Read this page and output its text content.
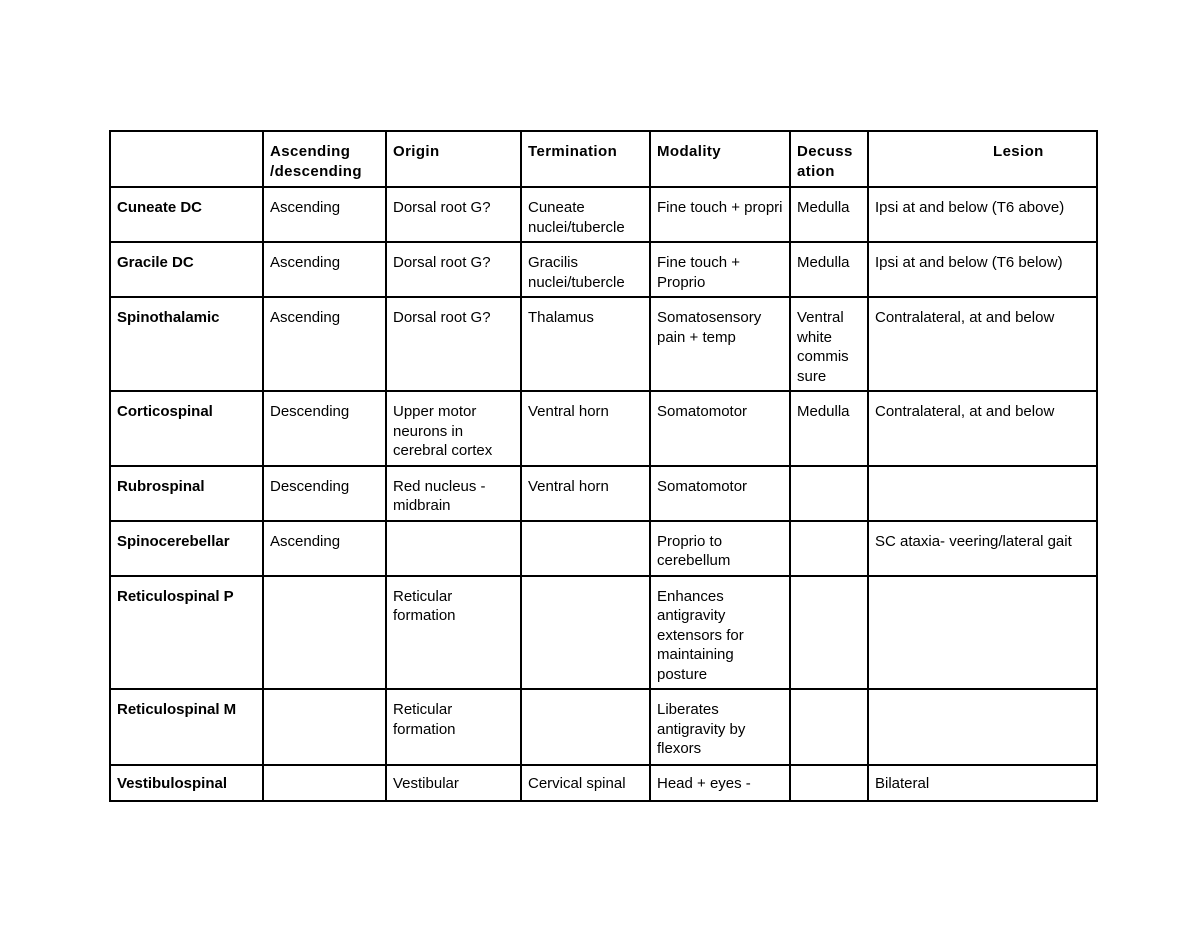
	Ascending /descending	Origin	Termination	Modality	Decuss ation	Lesion
Cuneate DC	Ascending	Dorsal root G?	Cuneate nuclei/tubercle	Fine touch + propri	Medulla	Ipsi at and below (T6 above)
Gracile DC	Ascending	Dorsal root G?	Gracilis nuclei/tubercle	Fine touch + Proprio	Medulla	Ipsi at and below (T6 below)
Spinothalamic	Ascending	Dorsal root G?	Thalamus	Somatosensory pain + temp	Ventral white commis sure	Contralateral, at and below
Corticospinal	Descending	Upper motor neurons in cerebral cortex	Ventral horn	Somatomotor	Medulla	Contralateral, at and below
Rubrospinal	Descending	Red nucleus -midbrain	Ventral horn	Somatomotor		
Spinocerebellar	Ascending			Proprio to cerebellum		SC ataxia- veering/lateral gait
Reticulospinal P		Reticular formation		Enhances antigravity extensors for maintaining posture		
Reticulospinal M		Reticular formation		Liberates antigravity by flexors		
Vestibulospinal		Vestibular	Cervical spinal	Head + eyes -		Bilateral
